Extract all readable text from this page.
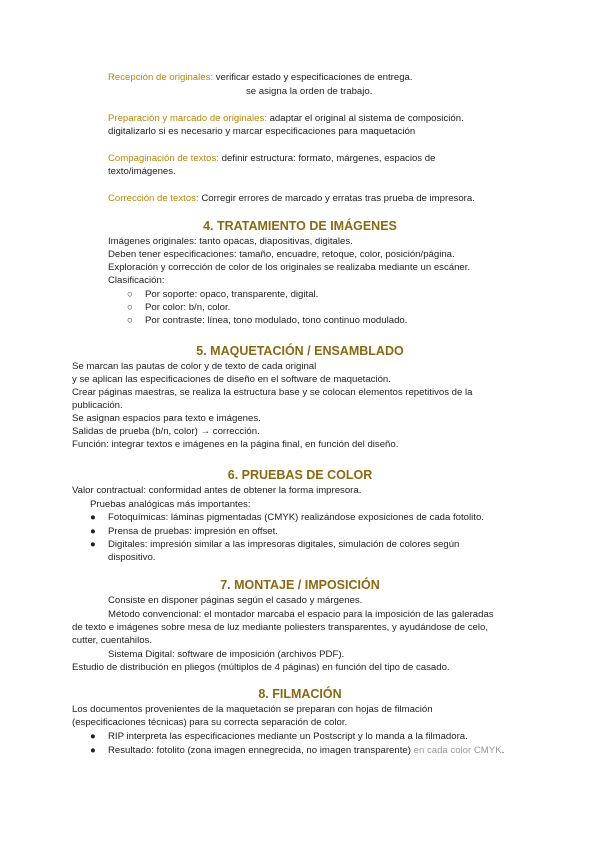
Recepción de originales: verificar estado y especificaciones de entrega.
se asigna la orden de trabajo.
Preparación y marcado de originales: adaptar el original al sistema de composición.
digitalizarlo si es necesario y marcar especificaciones para maquetación
Compaginación de textos: definir estructura: formato, márgenes, espacios de
texto/imágenes.
Corrección de textos: Corregir errores de marcado y erratas tras prueba de impresora.
4. TRATAMIENTO DE IMÁGENES
Imágenes originales: tanto opacas, diapositivas, digitales.
Deben tener especificaciones: tamaño, encuadre, retoque, color, posición/página.
Exploración y corrección de color de los originales se realizaba mediante un escáner.
Clasificación:
○ Por soporte: opaco, transparente, digital.
○ Por color: b/n, color.
○ Por contraste: línea, tono modulado, tono continuo modulado.
5. MAQUETACIÓN / ENSAMBLADO
Se marcan las pautas de color y de texto de cada original
y se aplican las especificaciones de diseño en el software de maquetación.
Crear páginas maestras, se realiza la estructura base y se colocan elementos repetitivos de la
publicación.
Se asignan espacios para texto e imágenes.
Salidas de prueba (b/n, color) → corrección.
Función: integrar textos e imágenes en la página final, en función del diseño.
6. PRUEBAS DE COLOR
Valor contractual: conformidad antes de obtener la forma impresora.
Pruebas analógicas más importantes:
● Fotoquímicas: láminas pigmentadas (CMYK) realizándose exposiciones de cada fotolito.
● Prensa de pruebas: impresión en offset.
● Digitales: impresión similar a las impresoras digitales, simulación de colores según
dispositivo.
7. MONTAJE / IMPOSICIÓN
Consiste en disponer páginas según el casado y márgenes.
Método convencional: el montador marcaba el espacio para la imposición de las galeradas
de texto e imágenes sobre mesa de luz mediante poliesters transparentes, y ayudándose de celo,
cutter, cuentahilos.
Sistema Digital: software de imposición (archivos PDF).
Estudio de distribución en pliegos (múltiplos de 4 páginas) en función del tipo de casado.
8. FILMACIÓN
Los documentos provenientes de la maquetación se preparan con hojas de filmación
(especificaciones técnicas) para su correcta separación de color.
● RIP interpreta las especificaciones mediante un Postscript y lo manda a la filmadora.
● Resultado: fotolito (zona imagen ennegrecida, no imagen transparente) en cada color CMYK.
